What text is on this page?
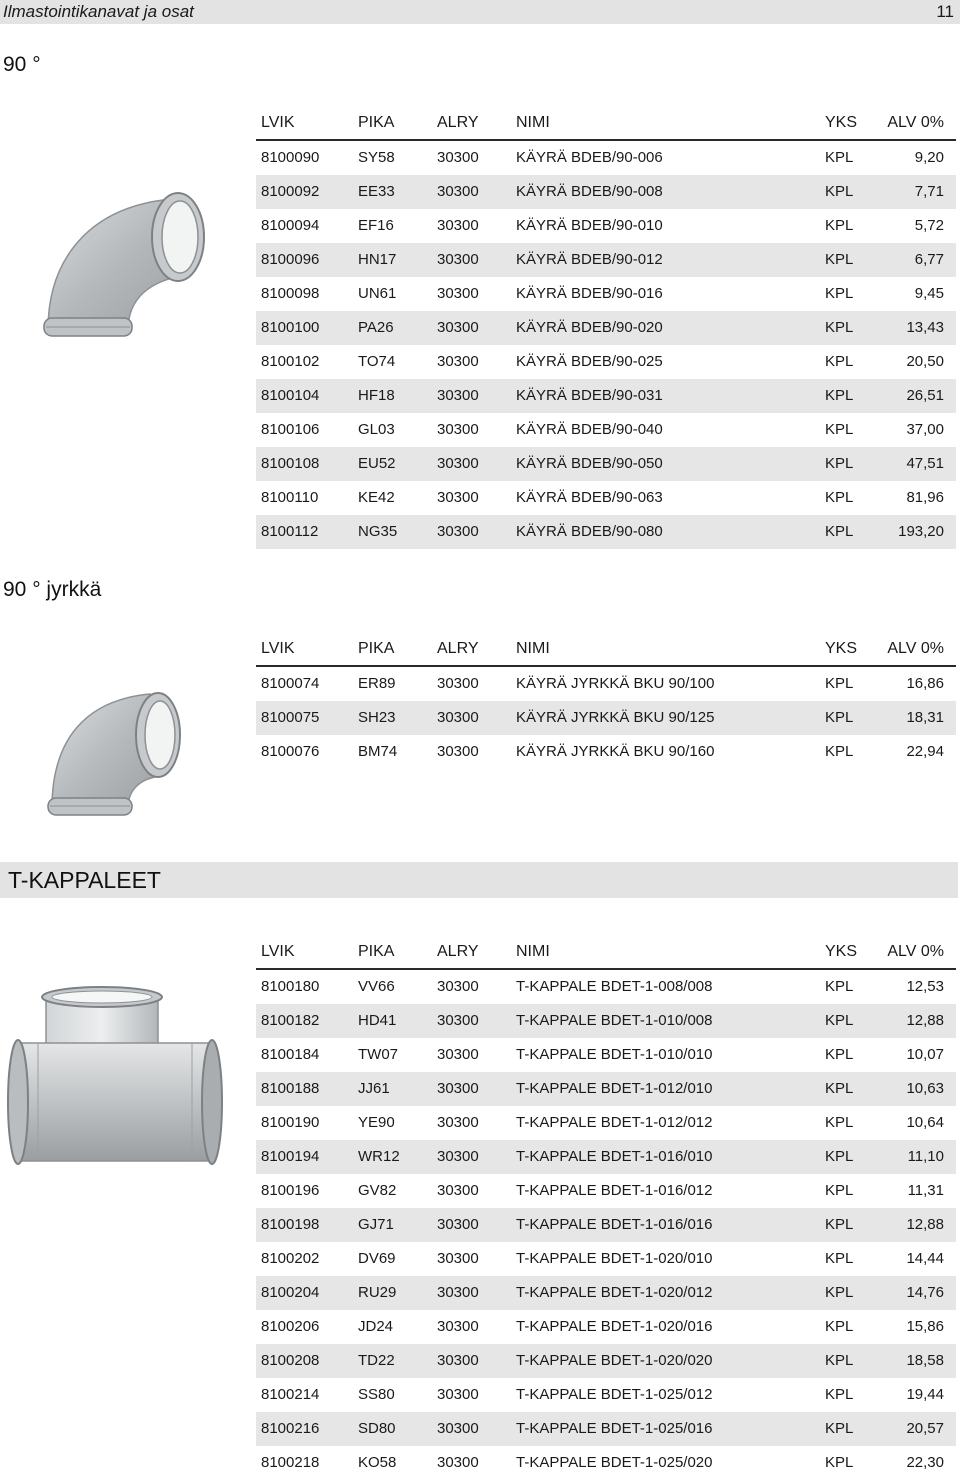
Ilmastointikanavat ja osat	11
90 °
LVIK	PIKA	ALRY NIMI	YKS ALV 0%
8100090	SY58	30300 KÄYRÄ BDEB/90-006	KPL	9,20
8100092	EE33	30300 KÄYRÄ BDEB/90-008	KPL	7,71
8100094	EF16	30300 KÄYRÄ BDEB/90-010	KPL	5,72
8100096	HN17	30300 KÄYRÄ BDEB/90-012	KPL	6,77
8100098	UN61	30300 KÄYRÄ BDEB/90-016	KPL	9,45
8100100	PA26	30300 KÄYRÄ BDEB/90-020	KPL	13,43
8100102	TO74	30300 KÄYRÄ BDEB/90-025	KPL	20,50
8100104	HF18	30300 KÄYRÄ BDEB/90-031	KPL	26,51
8100106	GL03	30300 KÄYRÄ BDEB/90-040	KPL	37,00
8100108	EU52	30300 KÄYRÄ BDEB/90-050	KPL	47,51
8100110	KE42	30300 KÄYRÄ BDEB/90-063	KPL	81,96
8100112	NG35	30300 KÄYRÄ BDEB/90-080	KPL	193,20
90 ° jyrkkä
LVIK	PIKA	ALRY NIMI	YKS ALV 0%
8100074	ER89	30300 KÄYRÄ JYRKKÄ BKU 90/100	KPL	16,86
8100075	SH23	30300 KÄYRÄ JYRKKÄ BKU 90/125	KPL	18,31
8100076	BM74	30300 KÄYRÄ JYRKKÄ BKU 90/160	KPL	22,94
T-KAPPALEET
LVIK	PIKA	ALRY NIMI	YKS ALV 0%
8100180	VV66	30300 T-KAPPALE BDET-1-008/008	KPL	12,53
8100182	HD41	30300 T-KAPPALE BDET-1-010/008	KPL	12,88
8100184	TW07	30300 T-KAPPALE BDET-1-010/010	KPL	10,07
8100188	JJ61	30300 T-KAPPALE BDET-1-012/010	KPL	10,63
8100190	YE90	30300 T-KAPPALE BDET-1-012/012	KPL	10,64
8100194	WR12 30300 T-KAPPALE BDET-1-016/010	KPL	11,10
8100196	GV82	30300 T-KAPPALE BDET-1-016/012	KPL	11,31
8100198	GJ71	30300 T-KAPPALE BDET-1-016/016	KPL	12,88
8100202	DV69	30300 T-KAPPALE BDET-1-020/010	KPL	14,44
8100204	RU29	30300 T-KAPPALE BDET-1-020/012	KPL	14,76
8100206	JD24	30300 T-KAPPALE BDET-1-020/016	KPL	15,86
8100208	TD22	30300 T-KAPPALE BDET-1-020/020	KPL	18,58
8100214	SS80	30300 T-KAPPALE BDET-1-025/012	KPL	19,44
8100216	SD80	30300 T-KAPPALE BDET-1-025/016	KPL	20,57
8100218	KO58	30300 T-KAPPALE BDET-1-025/020	KPL	22,30
